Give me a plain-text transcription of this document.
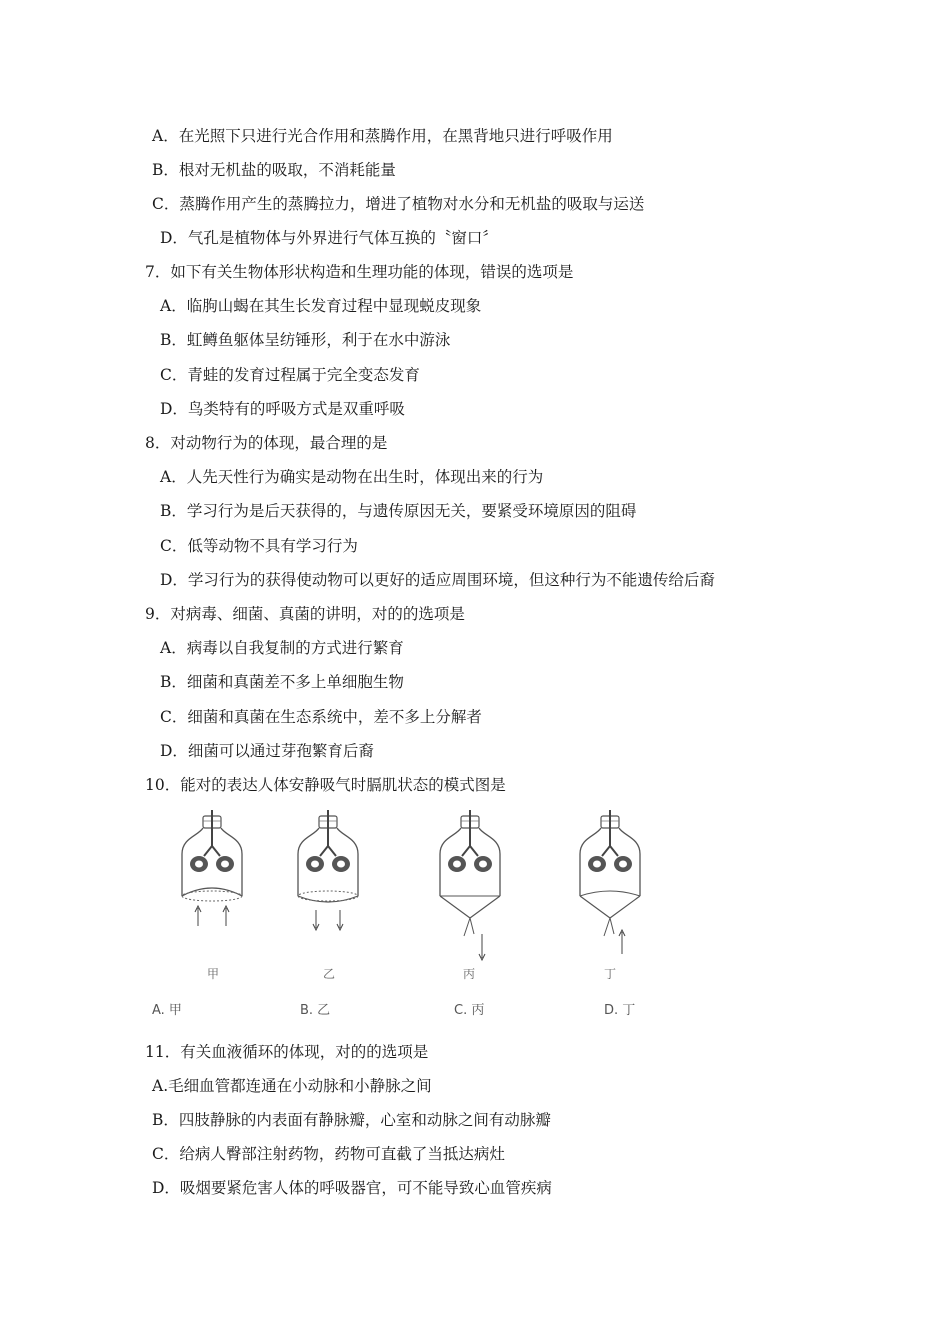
A．在光照下只进行光合作用和蒸腾作用，在黑背地只进行呼吸作用
B．根对无机盐的吸取，不消耗能量
C．蒸腾作用产生的蒸腾拉力，增进了植物对水分和无机盐的吸取与运送
D．气孔是植物体与外界进行气体互换的〝窗口〞
7．如下有关生物体形状构造和生理功能的体现，错误的选项是
A．临朐山蝎在其生长发育过程中显现蜕皮现象
B．虹鳟鱼躯体呈纺锤形，利于在水中游泳
C．青蛙的发育过程属于完全变态发育
D．鸟类特有的呼吸方式是双重呼吸
8．对动物行为的体现，最合理的是
A．人先天性行为确实是动物在出生时，体现出来的行为
B．学习行为是后天获得的，与遗传原因无关，要紧受环境原因的阻碍
C．低等动物不具有学习行为
D．学习行为的获得使动物可以更好的适应周围环境，但这种行为不能遗传给后裔
9．对病毒、细菌、真菌的讲明，对的的选项是
A．病毒以自我复制的方式进行繁育
B．细菌和真菌差不多上单细胞生物
C．细菌和真菌在生态系统中，差不多上分解者
D．细菌可以通过芽孢繁育后裔
10．能对的表达人体安静吸气时膈肌状态的模式图是
甲	乙	丙	丁
A. 甲	B. 乙	C. 丙	D. 丁
11．有关血液循环的体现，对的的选项是
A.毛细血管都连通在小动脉和小静脉之间
B．四肢静脉的内表面有静脉瓣，心室和动脉之间有动脉瓣
C．给病人臀部注射药物，药物可直截了当抵达病灶
D．吸烟要紧危害人体的呼吸器官，可不能导致心血管疾病
